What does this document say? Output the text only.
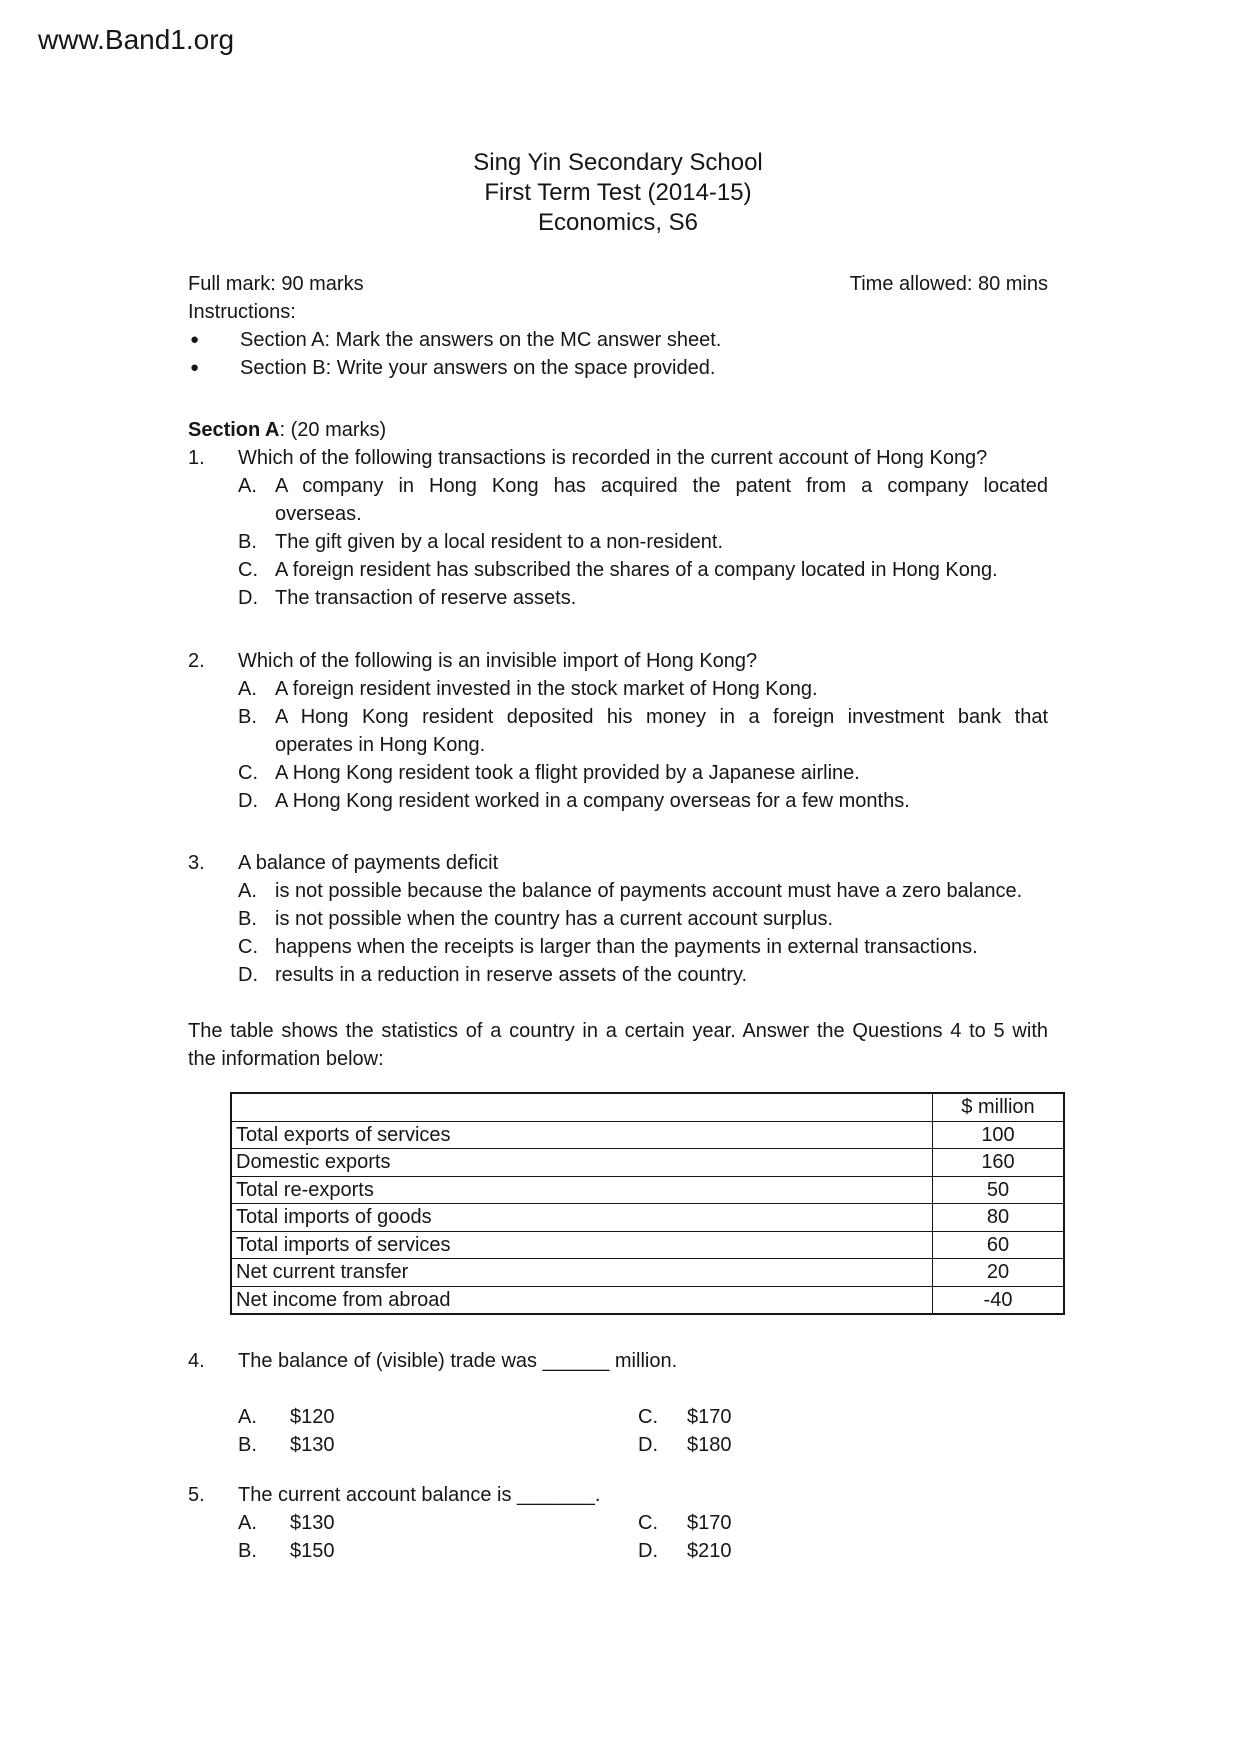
www.Band1.org
Sing Yin Secondary School
First Term Test (2014-15)
Economics, S6
Full mark: 90 marks	Time allowed: 80 mins
Instructions:
●	Section A: Mark the answers on the MC answer sheet.
●	Section B: Write your answers on the space provided.
Section A: (20 marks)
1.	Which of the following transactions is recorded in the current account of Hong Kong?
A. A company in Hong Kong has acquired the patent from a company located
overseas.
B. The gift given by a local resident to a non-resident.
C. A foreign resident has subscribed the shares of a company located in Hong Kong.
D. The transaction of reserve assets.
2.	Which of the following is an invisible import of Hong Kong?
A. A foreign resident invested in the stock market of Hong Kong.
B. A Hong Kong resident deposited his money in a foreign investment bank that
operates in Hong Kong.
C. A Hong Kong resident took a flight provided by a Japanese airline.
D. A Hong Kong resident worked in a company overseas for a few months.
3.	A balance of payments deficit
A. is not possible because the balance of payments account must have a zero balance.
B. is not possible when the country has a current account surplus.
C. happens when the receipts is larger than the payments in external transactions.
D. results in a reduction in reserve assets of the country.
The table shows the statistics of a country in a certain year. Answer the Questions 4 to 5 with
the information below:
	$ million
Total exports of services	100
Domestic exports	160
Total re-exports	50
Total imports of goods	80
Total imports of services	60
Net current transfer	20
Net income from abroad	-40
4.	The balance of (visible) trade was ______ million.
A.	$120	C.	$170
B.	$130	D.	$180
5.	The current account balance is _______.
A.	$130	C.	$170
B.	$150	D.	$210
